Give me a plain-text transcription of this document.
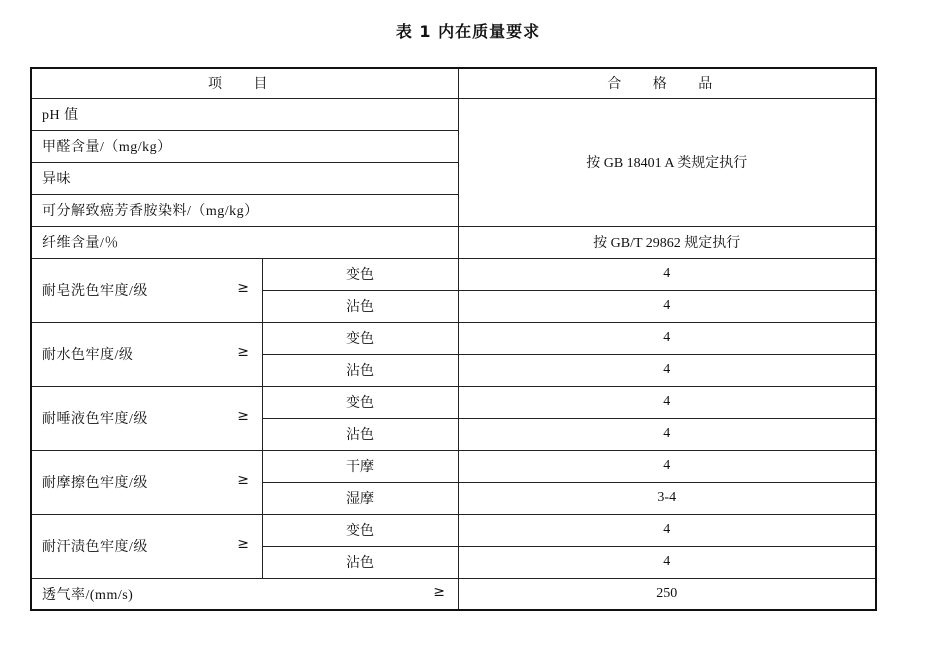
表 1 内在质量要求
项 目		合 格 品
pH 值		按 GB 18401 A 类规定执行
甲醛含量/（mg/kg）		
异味		
可分解致癌芳香胺染料/（mg/kg）		
纤维含量/％		按 GB/T 29862 规定执行
耐皂洗色牢度/级 ≥	变色	4
	沾色	4
耐水色牢度/级 ≥	变色	4
	沾色	4
耐唾液色牢度/级 ≥	变色	4
	沾色	4
耐摩擦色牢度/级 ≥	干摩	4
	湿摩	3-4
耐汗渍色牢度/级 ≥	变色	4
	沾色	4
透气率/(mm/s) ≥		250
